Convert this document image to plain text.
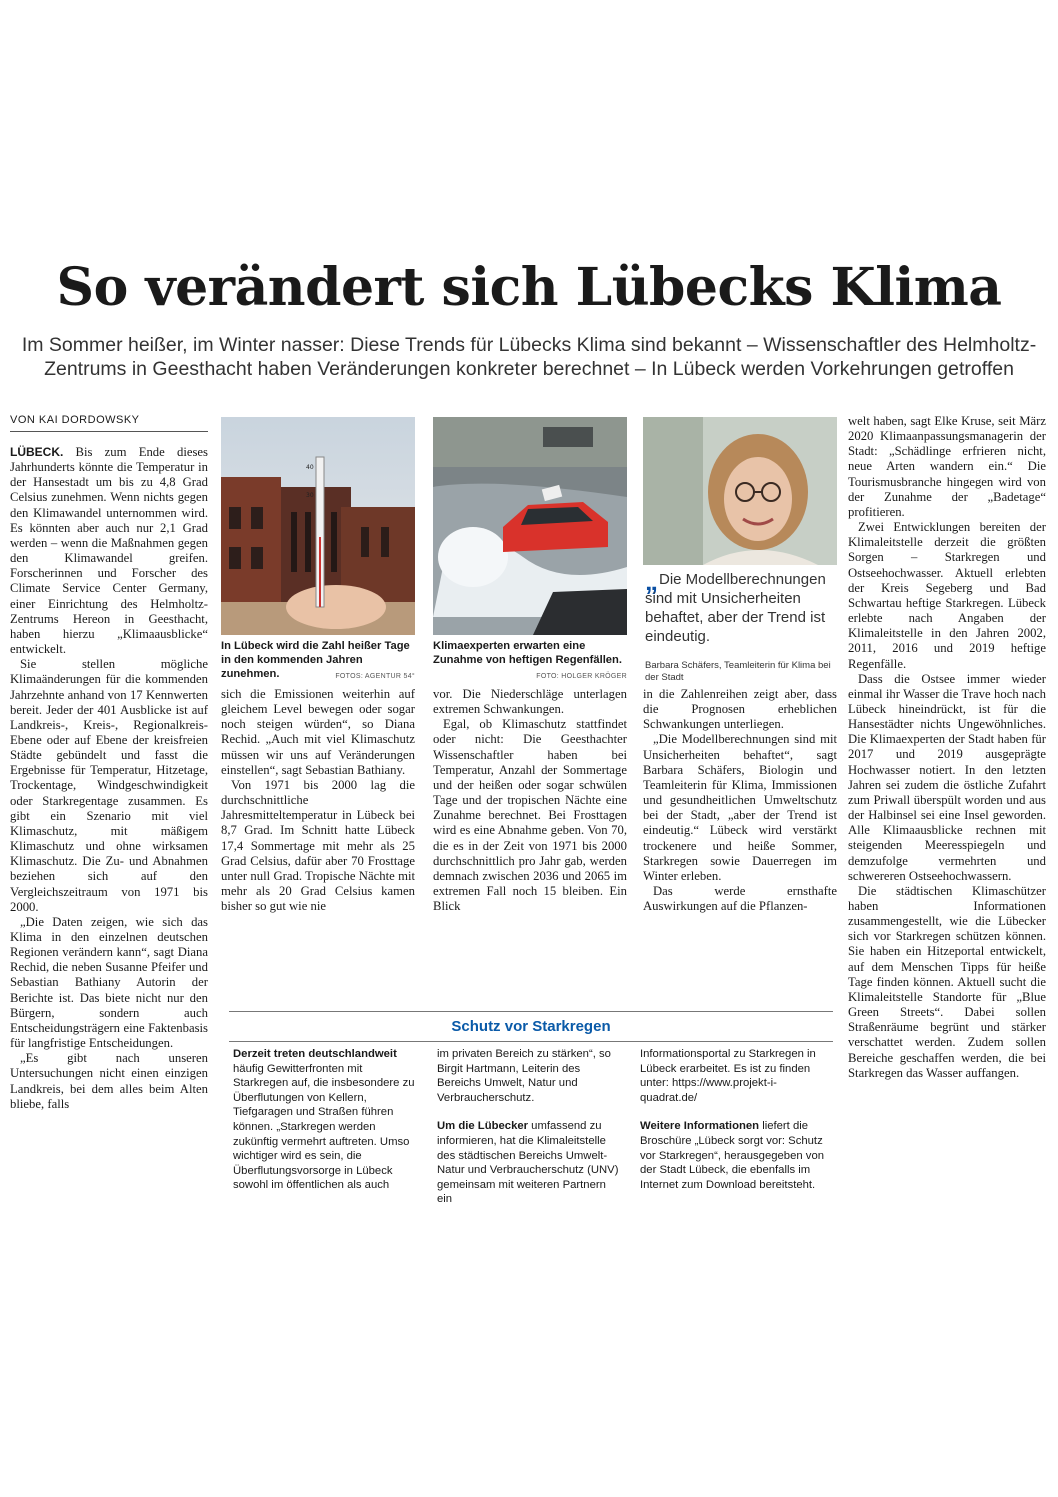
So verändert sich Lübecks Klima
Im Sommer heißer, im Winter nasser: Diese Trends für Lübecks Klima sind bekannt – Wissenschaftler des Helmholtz-Zentrums in Geesthacht haben Veränderungen konkreter berechnet – In Lübeck werden Vorkehrungen getroffen
VON KAI DORDOWSKY

LÜBECK. Bis zum Ende dieses Jahrhunderts könnte die Temperatur in der Hansestadt um bis zu 4,8 Grad Celsius zunehmen. Wenn nichts gegen den Klimawandel unternommen wird. Es könnten aber auch nur 2,1 Grad werden – wenn die Maßnahmen gegen den Klimawandel greifen. Forscherinnen und Forscher des Climate Service Center Germany, einer Einrichtung des Helmholtz-Zentrums Hereon in Geesthacht, haben hierzu „Klimaausblicke“ entwickelt.

Sie stellen mögliche Klimaänderungen für die kommenden Jahrzehnte anhand von 17 Kennwerten bereit. Jeder der 401 Ausblicke ist auf Landkreis-, Kreis-, Regionalkreis-Ebene oder auf Ebene der kreisfreien Städte gebündelt und fasst die Ergebnisse für Temperatur, Hitzetage, Trockentage, Windgeschwindigkeit oder Starkregentage zusammen. Es gibt ein Szenario mit viel Klimaschutz, mit mäßigem Klimaschutz und ohne wirksamen Klimaschutz. Die Zu- und Abnahmen beziehen sich auf den Vergleichszeitraum von 1971 bis 2000.

„Die Daten zeigen, wie sich das Klima in den einzelnen deutschen Regionen verändern kann“, sagt Diana Rechid, die neben Susanne Pfeifer und Sebastian Bathiany Autorin der Berichte ist. Das biete nicht nur den Bürgern, sondern auch Entscheidungsträgern eine Faktenbasis für langfristige Entscheidungen.

„Es gibt nach unseren Untersuchungen nicht einen einzigen Landkreis, bei dem alles beim Alten bliebe, falls

40
30
In Lübeck wird die Zahl heißer Tage in den kommenden Jahren zunehmen.	FOTOS: AGENTUR 54°
Klimaexperten erwarten eine Zunahme von heftigen Regenfällen.
FOTO: HOLGER KRÖGER
„ Die Modellberechnungen sind mit Unsicherheiten behaftet, aber der Trend ist eindeutig.
Barbara Schäfers, Teamleiterin für Klima bei der Stadt

sich die Emissionen weiterhin auf gleichem Level bewegen oder sogar noch steigen würden“, so Diana Rechid. „Auch mit viel Klimaschutz müssen wir uns auf Veränderungen einstellen“, sagt Sebastian Bathiany.

Von 1971 bis 2000 lag die durchschnittliche Jahresmitteltemperatur in Lübeck bei 8,7 Grad. Im Schnitt hatte Lübeck 17,4 Sommertage mit mehr als 25 Grad Celsius, dafür aber 70 Frosttage unter null Grad. Tropische Nächte mit mehr als 20 Grad Celsius kamen bisher so gut wie nie

vor. Die Niederschläge unterlagen extremen Schwankungen.

Egal, ob Klimaschutz stattfindet oder nicht: Die Geesthachter Wissenschaftler haben bei Temperatur, Anzahl der Sommertage und der heißen oder sogar schwülen Tage und der tropischen Nächte eine Zunahme berechnet. Bei Frosttagen wird es eine Abnahme geben. Von 70, die es in der Zeit von 1971 bis 2000 durchschnittlich pro Jahr gab, werden demnach zwischen 2036 und 2065 im extremen Fall noch 15 bleiben. Ein Blick

in die Zahlenreihen zeigt aber, dass die Prognosen erheblichen Schwankungen unterliegen.

„Die Modellberechnungen sind mit Unsicherheiten behaftet“, sagt Barbara Schäfers, Biologin und Teamleiterin für Klima, Immissionen und gesundheitlichen Umweltschutz bei der Stadt, „aber der Trend ist eindeutig.“ Lübeck wird verstärkt trockenere und heiße Sommer, Starkregen sowie Dauerregen im Winter erleben.

Das werde ernsthafte Auswirkungen auf die Pflanzen-

welt haben, sagt Elke Kruse, seit März 2020 Klimaanpassungsmanagerin der Stadt: „Schädlinge erfrieren nicht, neue Arten wandern ein.“ Die Tourismusbranche hingegen wird von der Zunahme der „Badetage“ profitieren.

Zwei Entwicklungen bereiten der Klimaleitstelle derzeit die größten Sorgen – Starkregen und Ostseehochwasser. Aktuell erlebten der Kreis Segeberg und Bad Schwartau heftige Starkregen. Lübeck erlebte nach Angaben der Klimaleitstelle in den Jahren 2002, 2011, 2016 und 2019 heftige Regenfälle.

Dass die Ostsee immer wieder einmal ihr Wasser die Trave hoch nach Lübeck hineindrückt, ist für die Hansestädter nichts Ungewöhnliches. Die Klimaexperten der Stadt haben für 2017 und 2019 ausgeprägte Hochwasser notiert. In den letzten Jahren sei zudem die östliche Zufahrt zum Priwall überspült worden und aus der Halbinsel sei eine Insel geworden. Alle Klimaausblicke rechnen mit steigenden Meeresspiegeln und demzufolge vermehrten und schwereren Ostseehochwassern.

Die städtischen Klimaschützer haben Informationen zusammengestellt, wie die Lübecker sich vor Starkregen schützen können. Sie haben ein Hitzeportal entwickelt, auf dem Menschen Tipps für heiße Tage finden können. Aktuell sucht die Klimaleitstelle Standorte für „Blue Green Streets“. Dabei sollen Straßenräume begrünt und stärker verschattet werden. Zudem sollen Bereiche geschaffen werden, die bei Starkregen das Wasser auffangen.

Schutz vor Starkregen
Derzeit treten deutschlandweit häufig Gewitterfronten mit Starkregen auf, die insbesondere zu Überflutungen von Kellern, Tiefgaragen und Straßen führen können. „Starkregen werden zukünftig vermehrt auftreten. Umso wichtiger wird es sein, die Überflutungsvorsorge in Lübeck sowohl im öffentlichen als auch
im privaten Bereich zu stärken“, so Birgit Hartmann, Leiterin des Bereichs Umwelt, Natur und Verbraucherschutz.
Um die Lübecker umfassend zu informieren, hat die Klimaleitstelle des städtischen Bereichs Umwelt- Natur und Verbraucherschutz (UNV) gemeinsam mit weiteren Partnern ein
Informationsportal zu Starkregen in Lübeck erarbeitet. Es ist zu finden unter: https://www.projekt-i-quadrat.de/
Weitere Informationen liefert die Broschüre „Lübeck sorgt vor: Schutz vor Starkregen“, herausgegeben von der Stadt Lübeck, die ebenfalls im Internet zum Download bereitsteht.
